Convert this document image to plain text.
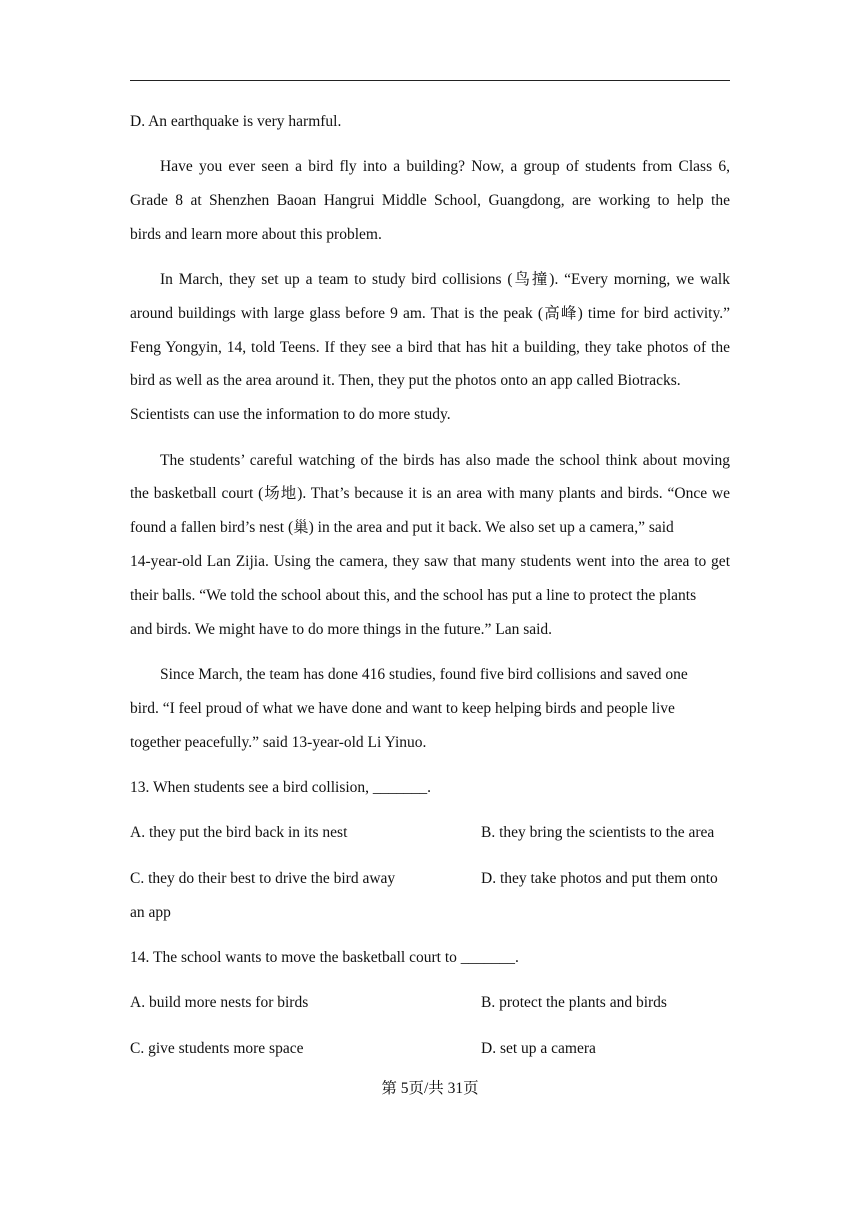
D. An earthquake is very harmful.
Have you ever seen a bird fly into a building? Now, a group of students from Class 6,
Grade 8 at Shenzhen Baoan Hangrui Middle School, Guangdong, are working to help the
birds and learn more about this problem.
In March, they set up a team to study bird collisions (鸟撞). “Every morning, we walk
around buildings with large glass before 9 am. That is the peak (高峰) time for bird activity.”
Feng Yongyin, 14, told Teens. If they see a bird that has hit a building, they take photos of the
bird as well as the area around it. Then, they put the photos onto an app called Biotracks.
Scientists can use the information to do more study.
The students’ careful watching of the birds has also made the school think about moving
the basketball court (场地). That’s because it is an area with many plants and birds. “Once we
found a fallen bird’s nest (巢) in the area and put it back. We also set up a camera,” said
14-year-old Lan Zijia. Using the camera, they saw that many students went into the area to get
their balls. “We told the school about this, and the school has put a line to protect the plants
and birds. We might have to do more things in the future.” Lan said.
Since March, the team has done 416 studies, found five bird collisions and saved one
bird. “I feel proud of what we have done and want to keep helping birds and people live
together peacefully.” said 13-year-old Li Yinuo.
13. When students see a bird collision, _______.
A. they put the bird back in its nest	B. they bring the scientists to the area
C. they do their best to drive the bird away	D. they take photos and put them onto
an app
14. The school wants to move the basketball court to _______.
A. build more nests for birds	B. protect the plants and birds
C. give students more space	D. set up a camera
第 5页/共 31页
